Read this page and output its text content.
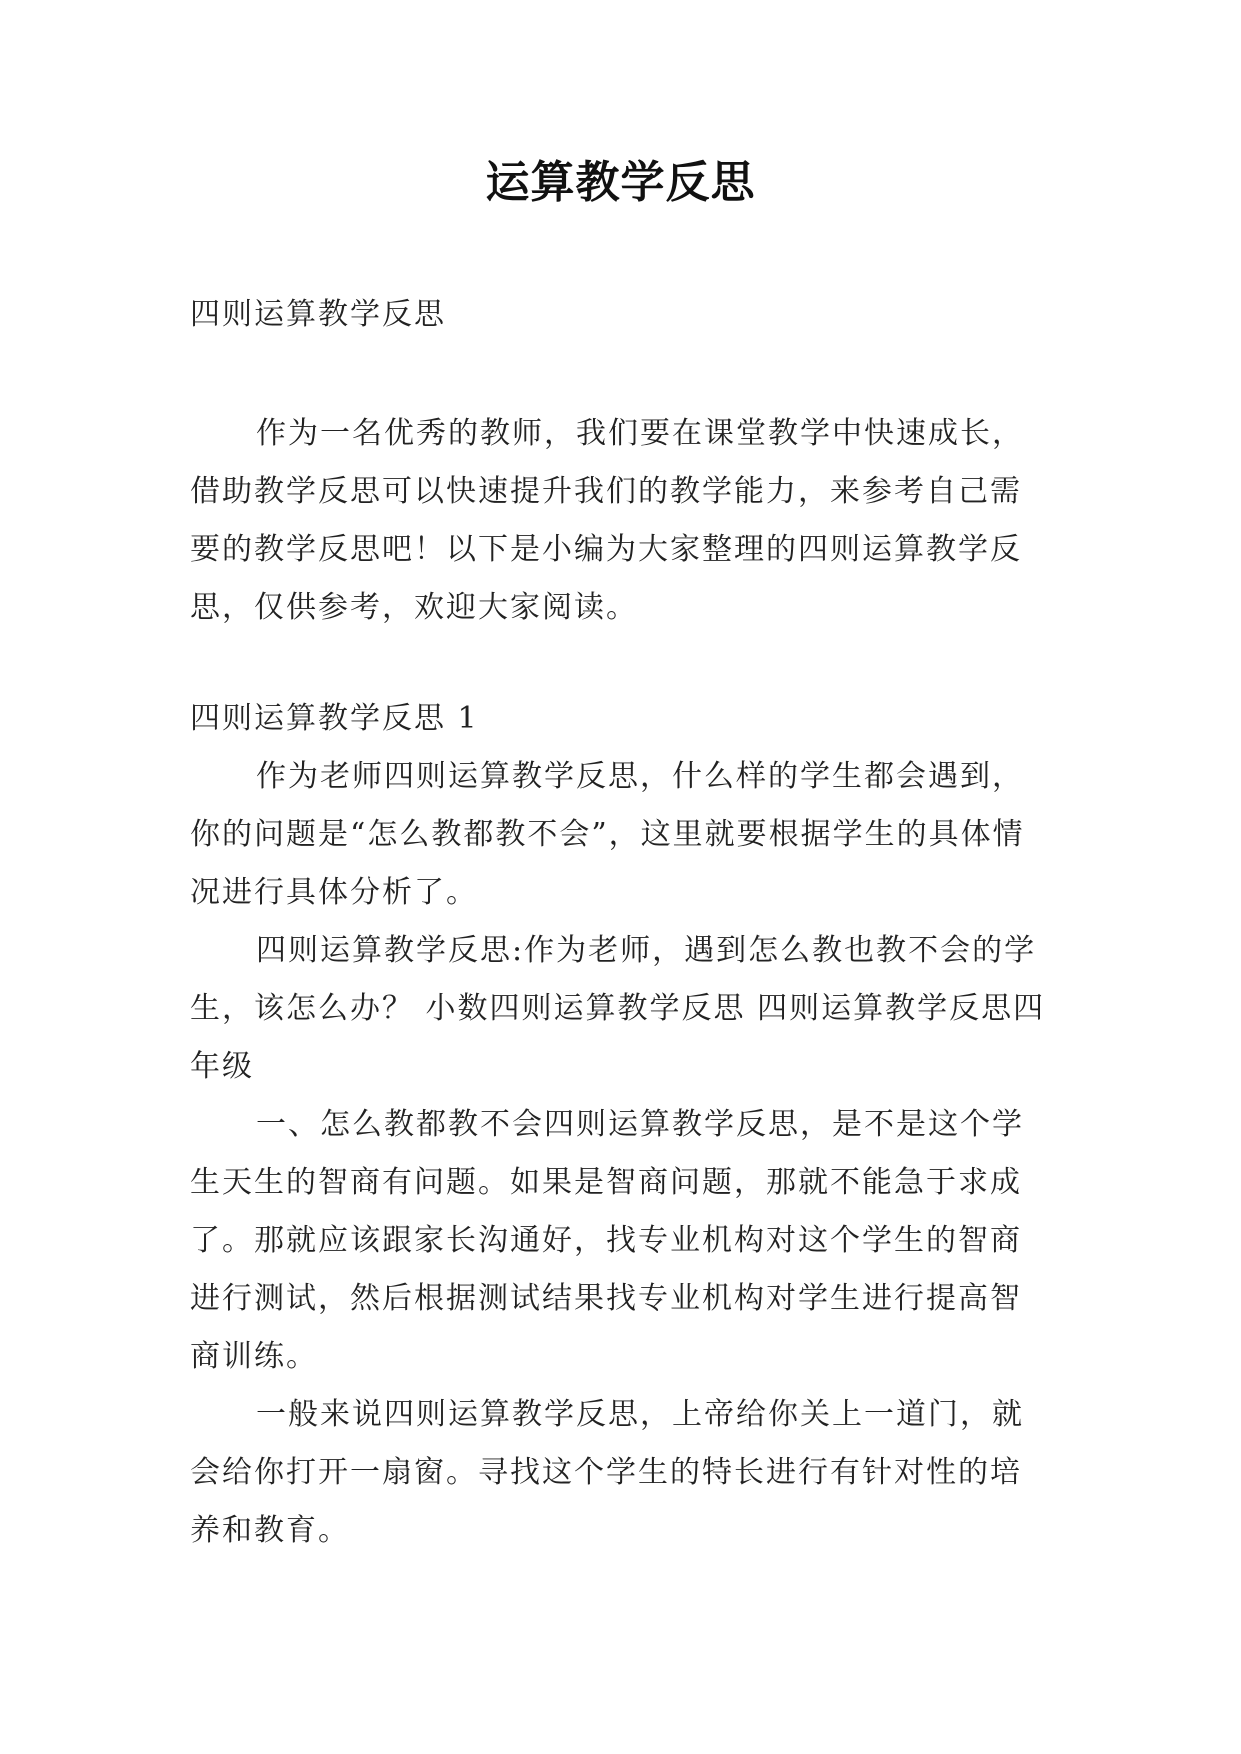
运算教学反思

四则运算教学反思

作为一名优秀的教师，我们要在课堂教学中快速成长，借助教学反思可以快速提升我们的教学能力，来参考自己需要的教学反思吧！以下是小编为大家整理的四则运算教学反思，仅供参考，欢迎大家阅读。

四则运算教学反思 1

作为老师四则运算教学反思，什么样的学生都会遇到，你的问题是“怎么教都教不会”，这里就要根据学生的具体情况进行具体分析了。

四则运算教学反思:作为老师，遇到怎么教也教不会的学生，该怎么办？ 小数四则运算教学反思 四则运算教学反思四年级

一、怎么教都教不会四则运算教学反思，是不是这个学生天生的智商有问题。如果是智商问题，那就不能急于求成了。那就应该跟家长沟通好，找专业机构对这个学生的智商进行测试，然后根据测试结果找专业机构对学生进行提高智商训练。

一般来说四则运算教学反思，上帝给你关上一道门，就会给你打开一扇窗。寻找这个学生的特长进行有针对性的培养和教育。
